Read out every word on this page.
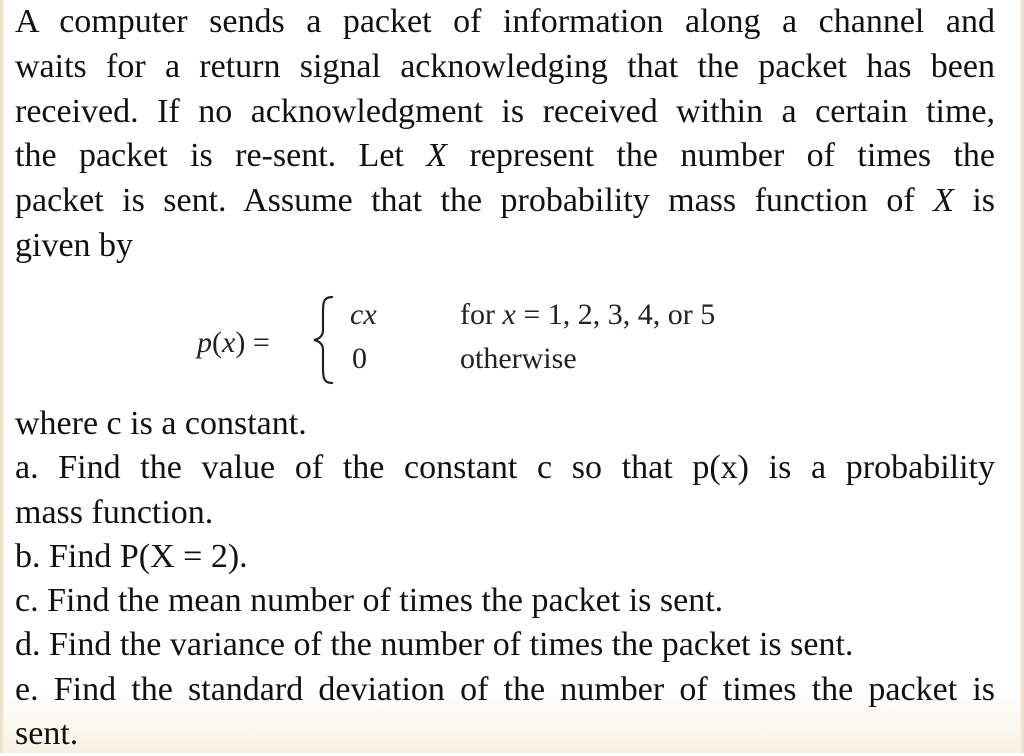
A computer sends a packet of information along a channel and
waits for a return signal acknowledging that the packet has been
received. If no acknowledgment is received within a certain time,
the packet is re-sent. Let X represent the number of times the
packet is sent. Assume that the probability mass function of X is
given by
p(x) =
cx
0
for x = 1, 2, 3, 4, or 5
otherwise
where c is a constant.
a. Find the value of the constant c so that p(x) is a probability
mass function.
b. Find P(X = 2).
c. Find the mean number of times the packet is sent.
d. Find the variance of the number of times the packet is sent.
e. Find the standard deviation of the number of times the packet is
sent.
